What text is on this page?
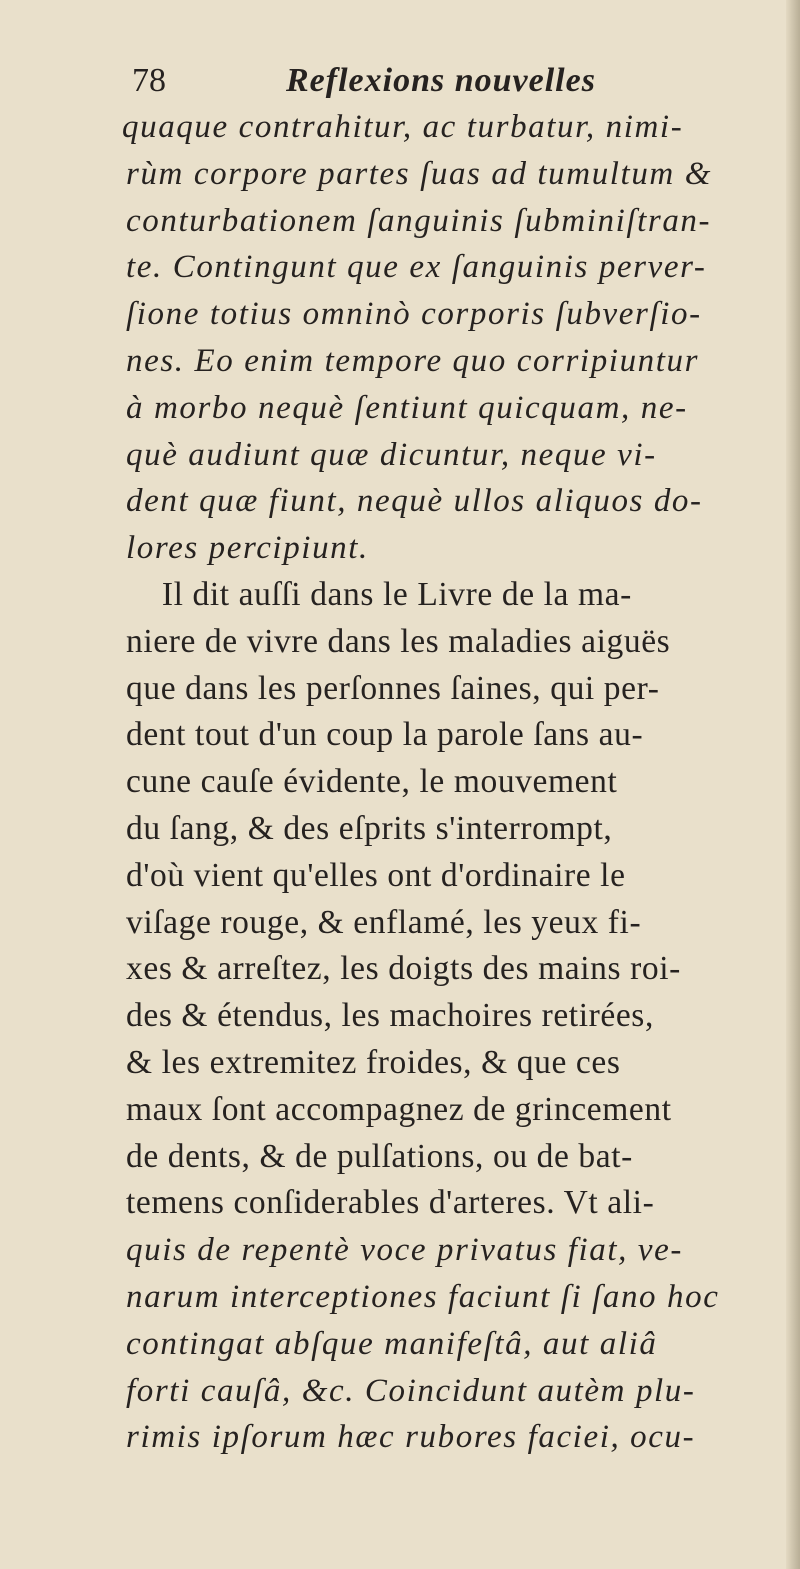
78	Reflexions nouvelles
quaque contrahitur, ac turbatur, nimi-
rùm corpore partes ſuas ad tumultum &
conturbationem ſanguinis ſubminiſtran-
te. Contingunt que ex ſanguinis perver-
ſione totius omninò corporis ſubverſio-
nes. Eo enim tempore quo corripiuntur
à morbo nequè ſentiunt quicquam, ne-
què audiunt quæ dicuntur, neque vi-
dent quæ fiunt, nequè ullos aliquos do-
lores percipiunt.
Il dit auſſi dans le Livre de la ma-
niere de vivre dans les maladies aiguës
que dans les perſonnes ſaines, qui per-
dent tout d'un coup la parole ſans au-
cune cauſe évidente, le mouvement
du ſang, & des eſprits s'interrompt,
d'où vient qu'elles ont d'ordinaire le
viſage rouge, & enflamé, les yeux fi-
xes & arreſtez, les doigts des mains roi-
des & étendus, les machoires retirées,
& les extremitez froides, & que ces
maux ſont accompagnez de grincement
de dents, & de pulſations, ou de bat-
temens conſiderables d'arteres. Vt ali-
quis de repentè voce privatus fiat, ve-
narum interceptiones faciunt ſi ſano hoc
contingat abſque manifeſtâ, aut aliâ
forti cauſâ, &c. Coincidunt autèm plu-
rimis ipſorum hæc rubores faciei, ocu-
